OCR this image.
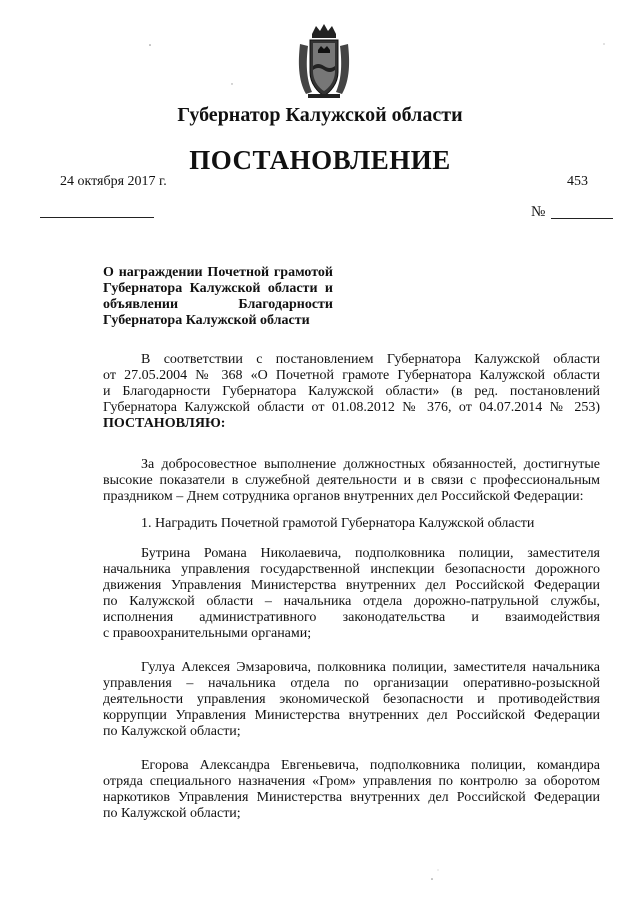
Губернатор Калужской области
ПОСТАНОВЛЕНИЕ
24 октября 2017 г.	453
№
О награждении Почетной грамотой
Губернатора Калужской области и
объявлении Благодарности
Губернатора Калужской области
В соответствии с постановлением Губернатора Калужской области
от 27.05.2004 № 368 «О Почетной грамоте Губернатора Калужской области
и Благодарности Губернатора Калужской области» (в ред. постановлений
Губернатора Калужской области от 01.08.2012 № 376, от 04.07.2014 № 253)
ПОСТАНОВЛЯЮ:
За добросовестное выполнение должностных обязанностей, достигнутые
высокие показатели в служебной деятельности и в связи с профессиональным
праздником – Днем сотрудника органов внутренних дел Российской Федерации:
1. Наградить Почетной грамотой Губернатора Калужской области
Бутрина Романа Николаевича, подполковника полиции, заместителя
начальника управления государственной инспекции безопасности дорожного
движения Управления Министерства внутренних дел Российской Федерации
по Калужской области – начальника отдела дорожно-патрульной службы,
исполнения административного законодательства и взаимодействия
с правоохранительными органами;
Гулуа Алексея Эмзаровича, полковника полиции, заместителя начальника
управления – начальника отдела по организации оперативно-розыскной
деятельности управления экономической безопасности и противодействия
коррупции Управления Министерства внутренних дел Российской Федерации
по Калужской области;
Егорова Александра Евгеньевича, подполковника полиции, командира
отряда специального назначения «Гром» управления по контролю за оборотом
наркотиков Управления Министерства внутренних дел Российской Федерации
по Калужской области;
